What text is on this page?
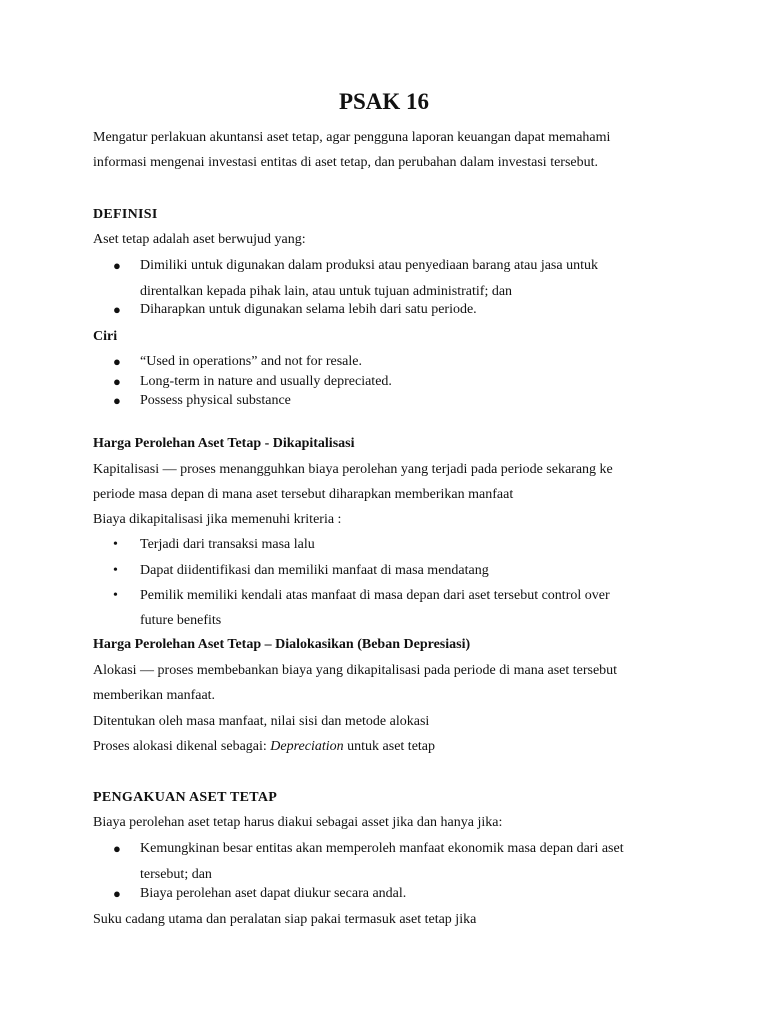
PSAK 16
Mengatur perlakuan akuntansi aset tetap, agar pengguna laporan keuangan dapat memahami
informasi mengenai investasi entitas di aset tetap, dan perubahan dalam investasi tersebut.
DEFINISI
Aset tetap adalah aset berwujud yang:
● Dimiliki untuk digunakan dalam produksi atau penyediaan barang atau jasa untuk
direntalkan kepada pihak lain, atau untuk tujuan administratif; dan
● Diharapkan untuk digunakan selama lebih dari satu periode.
Ciri
● “Used in operations” and not for resale.
● Long-term in nature and usually depreciated.
● Possess physical substance
Harga Perolehan Aset Tetap - Dikapitalisasi
Kapitalisasi — proses menangguhkan biaya perolehan yang terjadi pada periode sekarang ke
periode masa depan di mana aset tersebut diharapkan memberikan manfaat
Biaya dikapitalisasi jika memenuhi kriteria :
• Terjadi dari transaksi masa lalu
• Dapat diidentifikasi dan memiliki manfaat di masa mendatang
• Pemilik memiliki kendali atas manfaat di masa depan dari aset tersebut control over
future benefits
Harga Perolehan Aset Tetap – Dialokasikan (Beban Depresiasi)
Alokasi — proses membebankan biaya yang dikapitalisasi pada periode di mana aset tersebut
memberikan manfaat.
Ditentukan oleh masa manfaat, nilai sisi dan metode alokasi
Proses alokasi dikenal sebagai: Depreciation untuk aset tetap
PENGAKUAN ASET TETAP
Biaya perolehan aset tetap harus diakui sebagai asset jika dan hanya jika:
● Kemungkinan besar entitas akan memperoleh manfaat ekonomik masa depan dari aset
tersebut; dan
● Biaya perolehan aset dapat diukur secara andal.
Suku cadang utama dan peralatan siap pakai termasuk aset tetap jika
